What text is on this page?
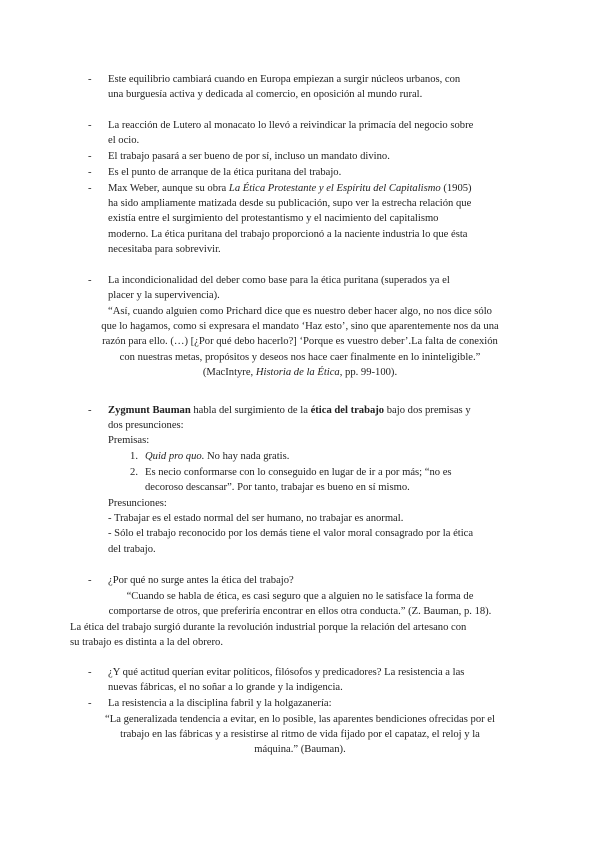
-	Este equilibrio cambiará cuando en Europa empiezan a surgir núcleos urbanos, con
una burguesía activa y dedicada al comercio, en oposición al mundo rural.
-	La reacción de Lutero al monacato lo llevó a reivindicar la primacía del negocio sobre
el ocio.
-	El trabajo pasará a ser bueno de por sí, incluso un mandato divino.
-	Es el punto de arranque de la ética puritana del trabajo.
-	Max Weber, aunque su obra La Ética Protestante y el Espíritu del Capitalismo (1905)
ha sido ampliamente matizada desde su publicación, supo ver la estrecha relación que
existía entre el surgimiento del protestantismo y el nacimiento del capitalismo
moderno. La ética puritana del trabajo proporcionó a la naciente industria lo que ésta
necesitaba para sobrevivir.
-	La incondicionalidad del deber como base para la ética puritana (superados ya el
placer y la supervivencia).
“Así, cuando alguien como Prichard dice que es nuestro deber hacer algo, no nos dice sólo
que lo hagamos, como si expresara el mandato ‘Haz esto’, sino que aparentemente nos da una
razón para ello. (…) [¿Por qué debo hacerlo?] ‘Porque es vuestro deber’.La falta de conexión
con nuestras metas, propósitos y deseos nos hace caer finalmente en lo ininteligible.”
(MacIntyre, Historia de la Ética, pp. 99-100).
-	Zygmunt Bauman habla del surgimiento de la ética del trabajo bajo dos premisas y
dos presunciones:
Premisas:
1. Quid pro quo. No hay nada gratis.
2. Es necio conformarse con lo conseguido en lugar de ir a por más; “no es
decoroso descansar”. Por tanto, trabajar es bueno en sí mismo.
Presunciones:
- Trabajar es el estado normal del ser humano, no trabajar es anormal.
- Sólo el trabajo reconocido por los demás tiene el valor moral consagrado por la ética
del trabajo.
-	¿Por qué no surge antes la ética del trabajo?
“Cuando se habla de ética, es casi seguro que a alguien no le satisface la forma de
comportarse de otros, que preferiría encontrar en ellos otra conducta.” (Z. Bauman, p. 18).
La ética del trabajo surgió durante la revolución industrial porque la relación del artesano con
su trabajo es distinta a la del obrero.
-	¿Y qué actitud querían evitar políticos, filósofos y predicadores? La resistencia a las
nuevas fábricas, el no soñar a lo grande y la indigencia.
-	La resistencia a la disciplina fabril y la holgazanería:
“La generalizada tendencia a evitar, en lo posible, las aparentes bendiciones ofrecidas por el
trabajo en las fábricas y a resistirse al ritmo de vida fijado por el capataz, el reloj y la
máquina.” (Bauman).
